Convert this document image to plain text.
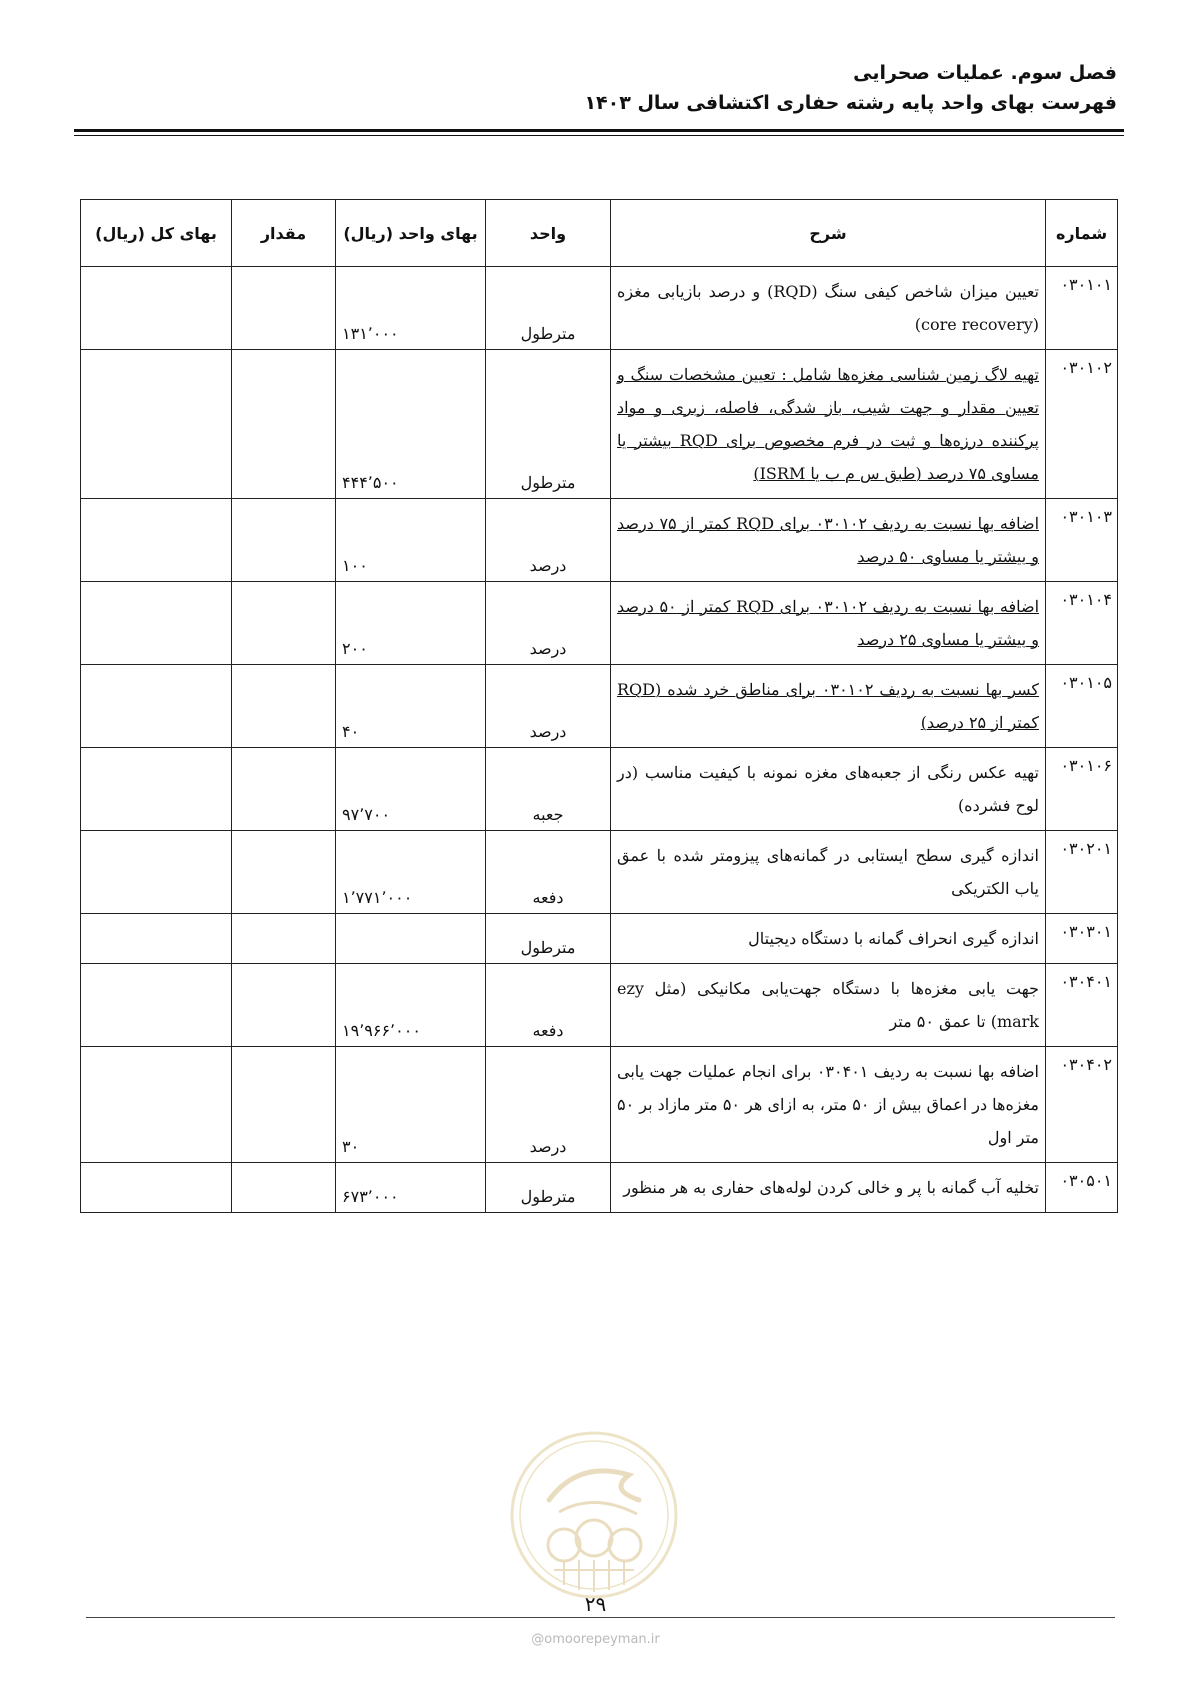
فصل سوم. عملیات صحرایی
فهرست بهای واحد پایه رشته حفاری اکتشافی سال ۱۴۰۳
شماره	شرح	واحد	بهای واحد (ریال)	مقدار	بهای کل (ریال)
۰۳۰۱۰۱	تعیین میزان شاخص کیفی سنگ (RQD) و درصد بازیابی مغزه (core recovery)	مترطول	۱۳۱٬۰۰۰		
۰۳۰۱۰۲	تهیه لاگ زمین شناسی مغزه‌ها شامل : تعیین مشخصات سنگ و تعیین مقدار و جهت شیب، باز شدگی، فاصله، زبری و مواد پرکننده درزه‌ها و ثبت در فرم مخصوص برای RQD بیشتر یا مساوی ۷۵ درصد (طبق س م ب یا ISRM)	مترطول	۴۴۴٬۵۰۰		
۰۳۰۱۰۳	اضافه بها نسبت به ردیف ۰۳۰۱۰۲ برای RQD کمتر از ۷۵ درصد و بیشتر یا مساوی ۵۰ درصد	درصد	۱۰۰		
۰۳۰۱۰۴	اضافه بها نسبت به ردیف ۰۳۰۱۰۲ برای RQD کمتر از ۵۰ درصد و بیشتر یا مساوی ۲۵ درصد	درصد	۲۰۰		
۰۳۰۱۰۵	کسر بها نسبت به ردیف ۰۳۰۱۰۲ برای مناطق خرد شده (RQD کمتر از ۲۵ درصد)	درصد	۴۰		
۰۳۰۱۰۶	تهیه عکس رنگی از جعبه‌های مغزه نمونه با کیفیت مناسب (در لوح فشرده)	جعبه	۹۷٬۷۰۰		
۰۳۰۲۰۱	اندازه گیری سطح ایستابی در گمانه‌های پیزومتر شده با عمق یاب الکتریکی	دفعه	۱٬۷۷۱٬۰۰۰		
۰۳۰۳۰۱	اندازه گیری انحراف گمانه با دستگاه دیجیتال	مترطول			
۰۳۰۴۰۱	جهت یابی مغزه‌ها با دستگاه جهت‌یابی مکانیکی (مثل ezy mark) تا عمق ۵۰ متر	دفعه	۱۹٬۹۶۶٬۰۰۰		
۰۳۰۴۰۲	اضافه بها نسبت به ردیف ۰۳۰۴۰۱ برای انجام عملیات جهت یابی مغزه‌ها در اعماق بیش از ۵۰ متر، به ازای هر ۵۰ متر مازاد بر ۵۰ متر اول	درصد	۳۰		
۰۳۰۵۰۱	تخلیه آب گمانه با پر و خالی کردن لوله‌های حفاری به هر منظور	مترطول	۶۷۳٬۰۰۰		
۲۹
@omoorepeyman.ir
